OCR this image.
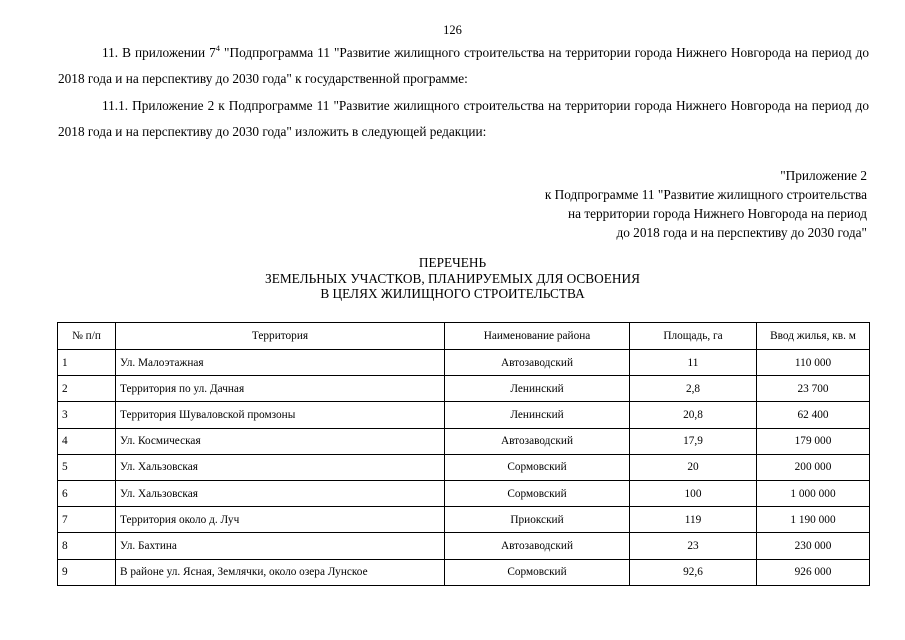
126

11. В приложении $7^4$ "Подпрограмма 11 "Развитие жилищного строительства на территории города Нижнего Новгорода на период до 2018 года и на перспективу до 2030 года" к государственной программе:

11.1. Приложение 2 к Подпрограмме 11 "Развитие жилищного строительства на территории города Нижнего Новгорода на период до 2018 года и на перспективу до 2030 года" изложить в следующей редакции:

"Приложение 2
к Подпрограмме 11 "Развитие жилищного строительства
на территории города Нижнего Новгорода на период
до 2018 года и на перспективу до 2030 года"
ПЕРЕЧЕНЬ
ЗЕМЕЛЬНЫХ УЧАСТКОВ, ПЛАНИРУЕМЫХ ДЛЯ ОСВОЕНИЯ
В ЦЕЛЯХ ЖИЛИЩНОГО СТРОИТЕЛЬСТВА
№ п/п	Территория	Наименование района	Площадь, га	Ввод жилья, кв. м
1	Ул. Малоэтажная	Автозаводский	11	110 000
2	Территория по ул. Дачная	Ленинский	2,8	23 700
3	Территория Шуваловской промзоны	Ленинский	20,8	62 400
4	Ул. Космическая	Автозаводский	17,9	179 000
5	Ул. Хальзовская	Сормовский	20	200 000
6	Ул. Хальзовская	Сормовский	100	1 000 000
7	Территория около д. Луч	Приокский	119	1 190 000
8	Ул. Бахтина	Автозаводский	23	230 000
9	В районе ул. Ясная, Землячки, около озера Лунское	Сормовский	92,6	926 000
